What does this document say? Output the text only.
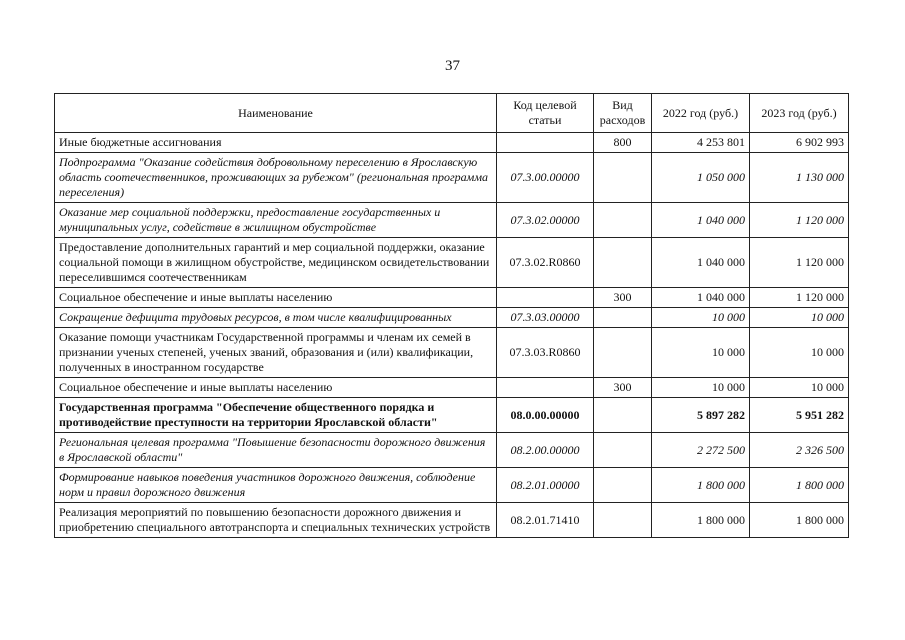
37
Наименование	Код целевой статьи	Вид расходов	2022 год (руб.)	2023 год (руб.)
Иные бюджетные ассигнования		800	4 253 801	6 902 993
Подпрограмма "Оказание содействия добровольному переселению в Ярославскую область соотечественников, проживающих за рубежом" (региональная программа переселения)	07.3.00.00000		1 050 000	1 130 000
Оказание мер социальной поддержки, предоставление государственных и муниципальных услуг, содействие в жилищном обустройстве	07.3.02.00000		1 040 000	1 120 000
Предоставление дополнительных гарантий и мер социальной поддержки, оказание социальной помощи в жилищном обустройстве, медицинском освидетельствовании переселившимся соотечественникам	07.3.02.R0860		1 040 000	1 120 000
Социальное обеспечение и иные выплаты населению		300	1 040 000	1 120 000
Сокращение дефицита трудовых ресурсов, в том числе квалифицированных	07.3.03.00000		10 000	10 000
Оказание помощи участникам Государственной программы и членам их семей в признании ученых степеней, ученых званий, образования и (или) квалификации, полученных в иностранном государстве	07.3.03.R0860		10 000	10 000
Социальное обеспечение и иные выплаты населению		300	10 000	10 000
Государственная программа "Обеспечение общественного порядка и противодействие преступности на территории Ярославской области"	08.0.00.00000		5 897 282	5 951 282
Региональная целевая программа "Повышение безопасности дорожного движения в Ярославской области"	08.2.00.00000		2 272 500	2 326 500
Формирование навыков поведения участников дорожного движения, соблюдение норм и правил дорожного движения	08.2.01.00000		1 800 000	1 800 000
Реализация мероприятий по повышению безопасности дорожного движения и приобретению специального автотранспорта и специальных технических устройств	08.2.01.71410		1 800 000	1 800 000
